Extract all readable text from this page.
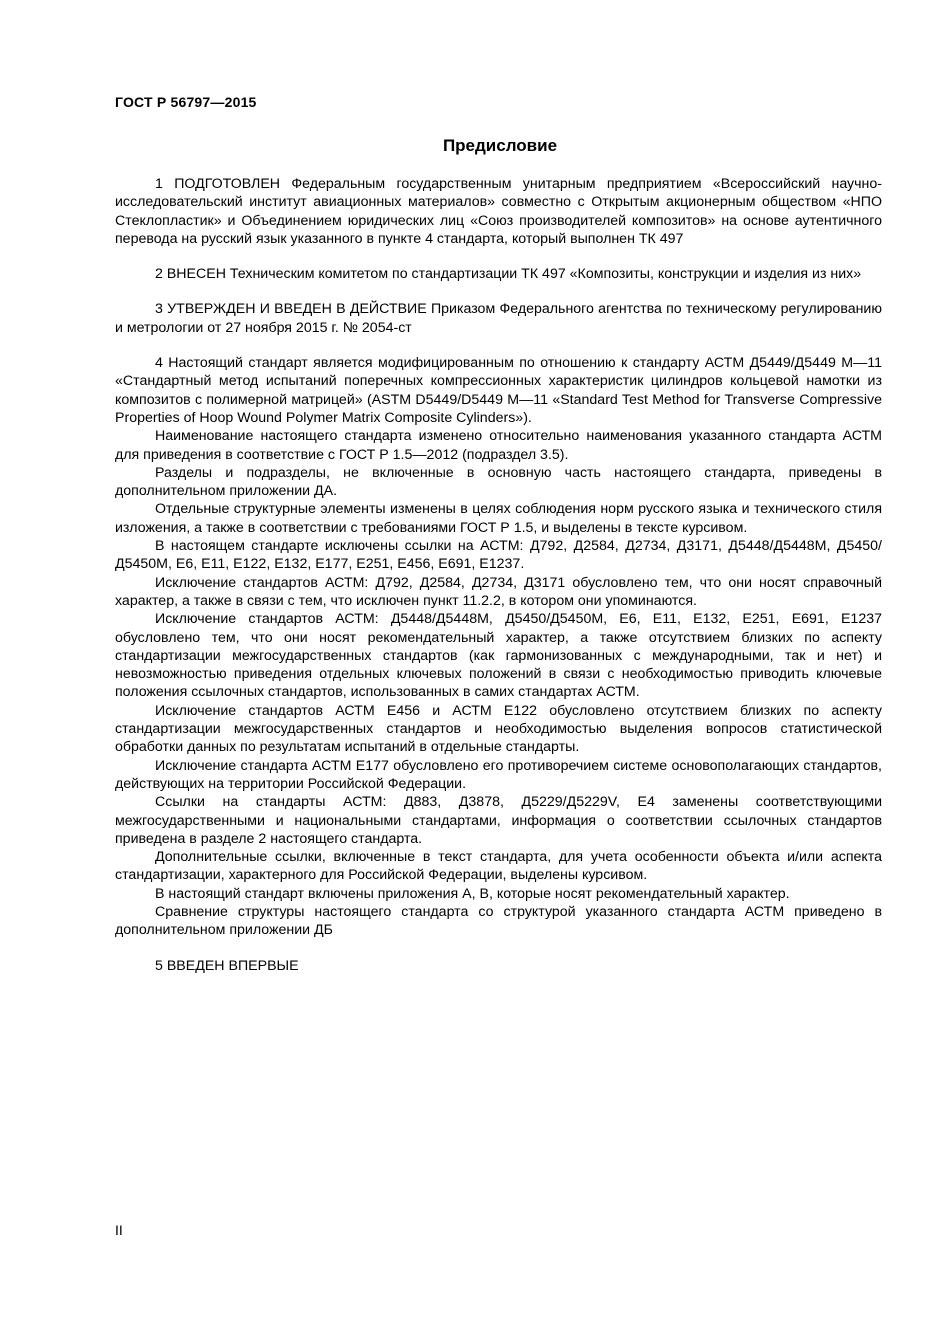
ГОСТ Р 56797—2015
Предисловие

1 ПОДГОТОВЛЕН Федеральным государственным унитарным предприятием «Всероссийский научно-исследовательский институт авиационных материалов» совместно с Открытым акционерным обществом «НПО Стеклопластик» и Объединением юридических лиц «Союз производителей композитов» на основе аутентичного перевода на русский язык указанного в пункте 4 стандарта, который выполнен ТК 497

2 ВНЕСЕН Техническим комитетом по стандартизации ТК 497 «Композиты, конструкции и изделия из них»

3 УТВЕРЖДЕН И ВВЕДЕН В ДЕЙСТВИЕ Приказом Федерального агентства по техническому регулированию и метрологии от 27 ноября 2015 г. № 2054-ст

4 Настоящий стандарт является модифицированным по отношению к стандарту АСТМ Д5449/Д5449 М—11 «Стандартный метод испытаний поперечных компрессионных характеристик цилиндров кольцевой намотки из композитов с полимерной матрицей» (ASTM D5449/D5449 M—11 «Standard Test Method for Transverse Compressive Properties of Hoop Wound Polymer Matrix Composite Cylinders»).

Наименование настоящего стандарта изменено относительно наименования указанного стандарта АСТМ для приведения в соответствие с ГОСТ Р 1.5—2012 (подраздел 3.5).

Разделы и подразделы, не включенные в основную часть настоящего стандарта, приведены в дополнительном приложении ДА.

Отдельные структурные элементы изменены в целях соблюдения норм русского языка и технического стиля изложения, а также в соответствии с требованиями ГОСТ Р 1.5, и выделены в тексте курсивом.

В настоящем стандарте исключены ссылки на АСТМ: Д792, Д2584, Д2734, Д3171, Д5448/Д5448М, Д5450/Д5450М, Е6, Е11, Е122, Е132, Е177, Е251, Е456, Е691, Е1237.

Исключение стандартов АСТМ: Д792, Д2584, Д2734, Д3171 обусловлено тем, что они носят справочный характер, а также в связи с тем, что исключен пункт 11.2.2, в котором они упоминаются.

Исключение стандартов АСТМ: Д5448/Д5448М, Д5450/Д5450М, Е6, Е11, Е132, Е251, Е691, Е1237 обусловлено тем, что они носят рекомендательный характер, а также отсутствием близких по аспекту стандартизации межгосударственных стандартов (как гармонизованных с международными, так и нет) и невозможностью приведения отдельных ключевых положений в связи с необходимостью приводить ключевые положения ссылочных стандартов, использованных в самих стандартах АСТМ.

Исключение стандартов АСТМ Е456 и АСТМ Е122 обусловлено отсутствием близких по аспекту стандартизации межгосударственных стандартов и необходимостью выделения вопросов статистической обработки данных по результатам испытаний в отдельные стандарты.

Исключение стандарта АСТМ Е177 обусловлено его противоречием системе основополагающих стандартов, действующих на территории Российской Федерации.

Ссылки на стандарты АСТМ: Д883, Д3878, Д5229/Д5229V, Е4 заменены соответствующими межгосударственными и национальными стандартами, информация о соответствии ссылочных стандартов приведена в разделе 2 настоящего стандарта.

Дополнительные ссылки, включенные в текст стандарта, для учета особенности объекта и/или аспекта стандартизации, характерного для Российской Федерации, выделены курсивом.

В настоящий стандарт включены приложения А, В, которые носят рекомендательный характер.

Сравнение структуры настоящего стандарта со структурой указанного стандарта АСТМ приведено в дополнительном приложении ДБ

5 ВВЕДЕН ВПЕРВЫЕ

II
